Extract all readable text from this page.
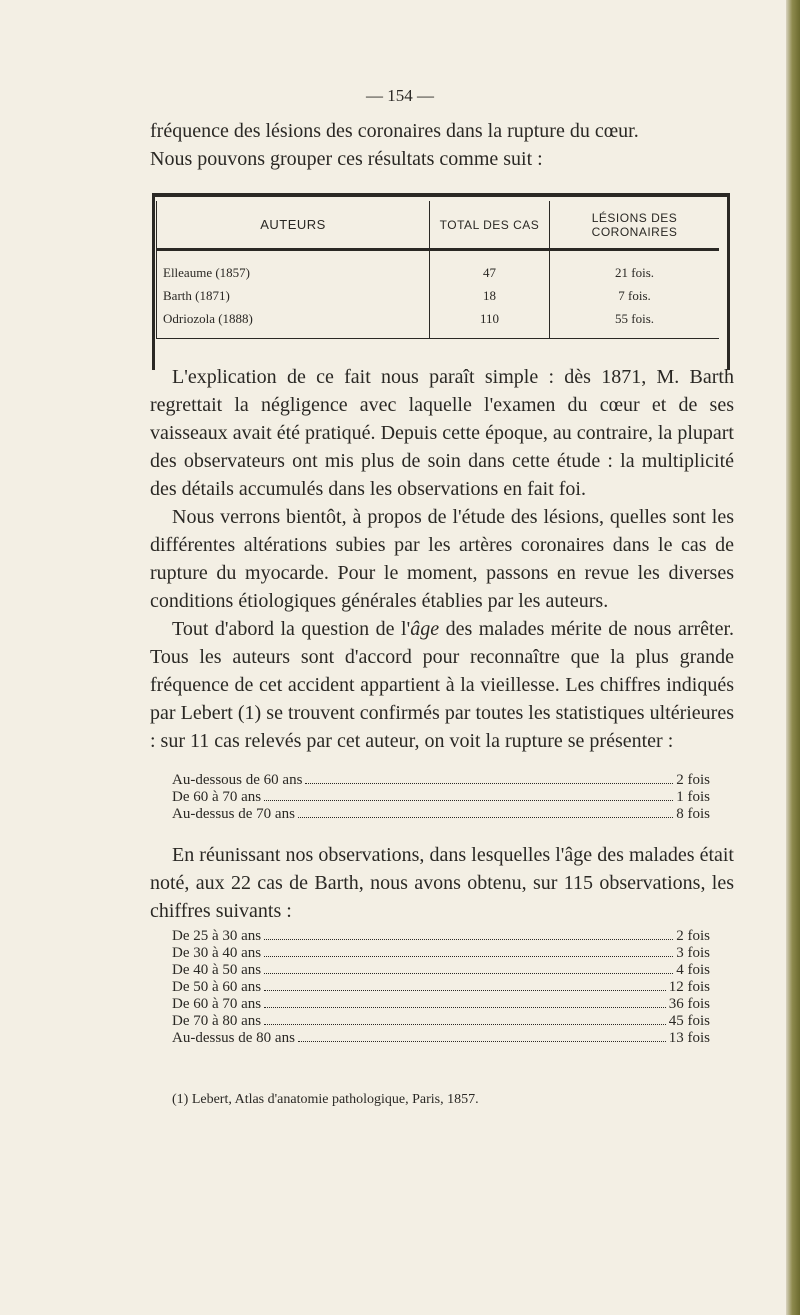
— 154 —

fréquence des lésions des coronaires dans la rupture du cœur.
Nous pouvons grouper ces résultats comme suit :

AUTEURS	TOTAL DES CAS	LÉSIONS DES CORONAIRES
Elleaume (1857)	47	21 fois.
Barth (1871)	18	7 fois.
Odriozola (1888)	110	55 fois.

L'explication de ce fait nous paraît simple : dès 1871, M. Barth regrettait la négligence avec laquelle l'examen du cœur et de ses vaisseaux avait été pratiqué. Depuis cette époque, au contraire, la plupart des observateurs ont mis plus de soin dans cette étude : la multiplicité des détails accumulés dans les observations en fait foi.

Nous verrons bientôt, à propos de l'étude des lésions, quelles sont les différentes altérations subies par les artères coronaires dans le cas de rupture du myocarde. Pour le moment, passons en revue les diverses conditions étiologiques générales établies par les auteurs.

Tout d'abord la question de l'âge des malades mérite de nous arrêter. Tous les auteurs sont d'accord pour reconnaître que la plus grande fréquence de cet accident appartient à la vieillesse. Les chiffres indiqués par Lebert (1) se trouvent confirmés par toutes les statistiques ultérieures : sur 11 cas relevés par cet auteur, on voit la rupture se présenter :

Au-dessous de 60 ans	2 fois
De 60 à 70 ans	1 fois
Au-dessus de 70 ans	8 fois

En réunissant nos observations, dans lesquelles l'âge des malades était noté, aux 22 cas de Barth, nous avons obtenu, sur 115 observations, les chiffres suivants :

De 25 à 30 ans	2 fois
De 30 à 40 ans	3 fois
De 40 à 50 ans	4 fois
De 50 à 60 ans	12 fois
De 60 à 70 ans	36 fois
De 70 à 80 ans	45 fois
Au-dessus de 80 ans	13 fois
(1) Lebert, Atlas d'anatomie pathologique, Paris, 1857.
